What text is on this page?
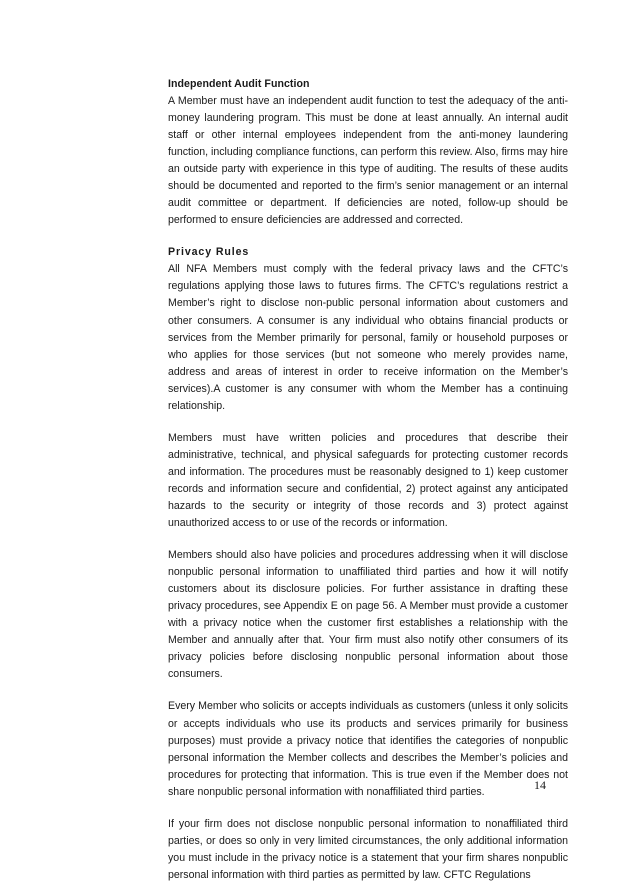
Independent Audit Function

A Member must have an independent audit function to test the adequacy of the anti-money laundering program. This must be done at least annually. An internal audit staff or other internal employees independent from the anti-money laundering function, including compliance functions, can perform this review. Also, firms may hire an outside party with experience in this type of auditing. The results of these audits should be documented and reported to the firm’s senior management or an internal audit committee or department. If deficiencies are noted, follow-up should be performed to ensure deficiencies are addressed and corrected.

Privacy Rules

All NFA Members must comply with the federal privacy laws and the CFTC’s regulations applying those laws to futures firms. The CFTC’s regulations restrict a Member’s right to disclose non-public personal information about customers and other consumers. A consumer is any individual who obtains financial products or services from the Member primarily for personal, family or household purposes or who applies for those services (but not someone who merely provides name, address and areas of interest in order to receive information on the Member’s services).A customer is any consumer with whom the Member has a continuing relationship.

Members must have written policies and procedures that describe their administrative, technical, and physical safeguards for protecting customer records and information. The procedures must be reasonably designed to 1) keep customer records and information secure and confidential, 2) protect against any anticipated hazards to the security or integrity of those records and 3) protect against unauthorized access to or use of the records or information.

Members should also have policies and procedures addressing when it will disclose nonpublic personal information to unaffiliated third parties and how it will notify customers about its disclosure policies. For further assistance in drafting these privacy procedures, see Appendix E on page 56. A Member must provide a customer with a privacy notice when the customer first establishes a relationship with the Member and annually after that. Your firm must also notify other consumers of its privacy policies before disclosing nonpublic personal information about those consumers.

Every Member who solicits or accepts individuals as customers (unless it only solicits or accepts individuals who use its products and services primarily for business purposes) must provide a privacy notice that identifies the categories of nonpublic personal information the Member collects and describes the Member’s policies and procedures for protecting that information. This is true even if the Member does not share nonpublic personal information with nonaffiliated third parties.

If your firm does not disclose nonpublic personal information to nonaffiliated third parties, or does so only in very limited circumstances, the only additional information you must include in the privacy notice is a statement that your firm shares nonpublic personal information with third parties as permitted by law. CFTC Regulations

14
